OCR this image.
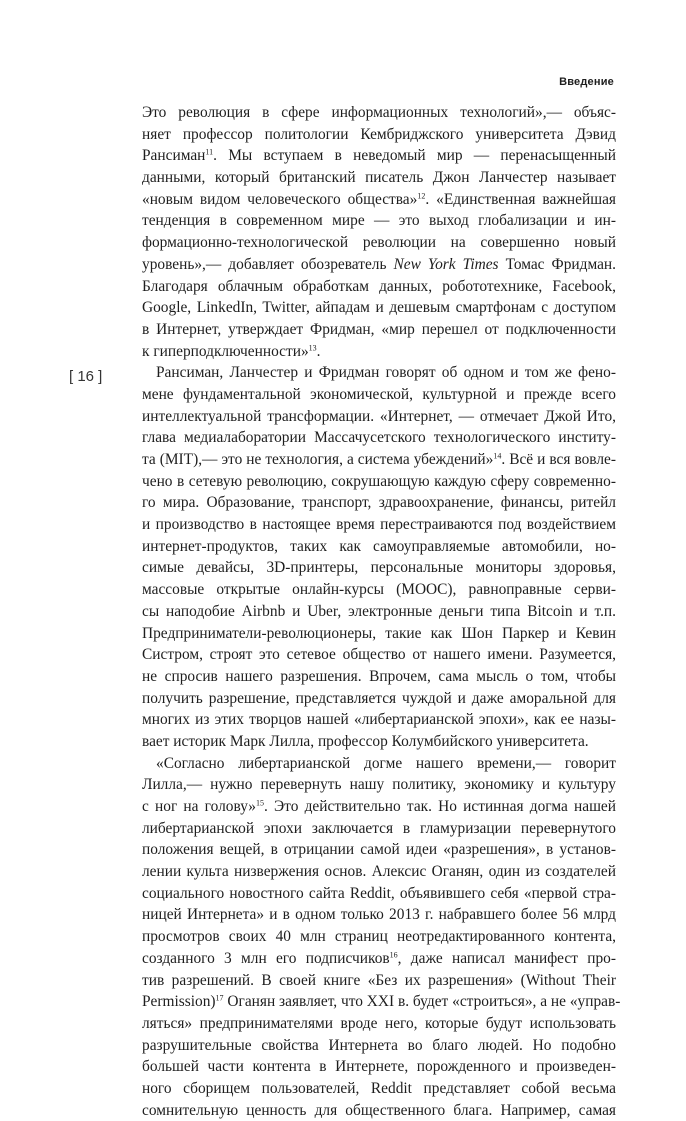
Введение
[ 16 ]
Это революция в сфере информационных технологий»,— объяс-
няет профессор политологии Кембриджского университета Дэвид
Рансиман$^{11}$. Мы вступаем в неведомый мир — перенасыщенный
данными, который британский писатель Джон Ланчестер называет
«новым видом человеческого общества»$^{12}$. «Единственная важнейшая
тенденция в современном мире — это выход глобализации и ин-
формационно-технологической революции на совершенно новый
уровень»,— добавляет обозреватель New York Times Томас Фридман.
Благодаря облачным обработкам данных, робототехнике, Facebook,
Google, LinkedIn, Twitter, айпадам и дешевым смартфонам с доступом
в Интернет, утверждает Фридман, «мир перешел от подключенности
к гиперподключенности»$^{13}$.
Рансиман, Ланчестер и Фридман говорят об одном и том же фено-
мене фундаментальной экономической, культурной и прежде всего
интеллектуальной трансформации. «Интернет, — отмечает Джой Ито,
глава медиалаборатории Массачусетского технологического институ-
та (MIT),— это не технология, а система убеждений»$^{14}$. Всё и вся вовле-
чено в сетевую революцию, сокрушающую каждую сферу современно-
го мира. Образование, транспорт, здравоохранение, финансы, ритейл
и производство в настоящее время перестраиваются под воздействием
интернет-продуктов, таких как самоуправляемые автомобили, но-
симые девайсы, 3D-принтеры, персональные мониторы здоровья,
массовые открытые онлайн-курсы (MOOC), равноправные серви-
сы наподобие Airbnb и Uber, электронные деньги типа Bitcoin и т.п.
Предприниматели-революционеры, такие как Шон Паркер и Кевин
Систром, строят это сетевое общество от нашего имени. Разумеется,
не спросив нашего разрешения. Впрочем, сама мысль о том, чтобы
получить разрешение, представляется чуждой и даже аморальной для
многих из этих творцов нашей «либертарианской эпохи», как ее назы-
вает историк Марк Лилла, профессор Колумбийского университета.
«Согласно либертарианской догме нашего времени,— говорит
Лилла,— нужно перевернуть нашу политику, экономику и культуру
с ног на голову»$^{15}$. Это действительно так. Но истинная догма нашей
либертарианской эпохи заключается в гламуризации перевернутого
положения вещей, в отрицании самой идеи «разрешения», в установ-
лении культа низвержения основ. Алексис Оганян, один из создателей
социального новостного сайта Reddit, объявившего себя «первой стра-
ницей Интернета» и в одном только 2013 г. набравшего более 56 млрд
просмотров своих 40 млн страниц неотредактированного контента,
созданного 3 млн его подписчиков$^{16}$, даже написал манифест про-
тив разрешений. В своей книге «Без их разрешения» (Without Their
Permission)$^{17}$ Оганян заявляет, что XXI в. будет «строиться», а не «управ-
ляться» предпринимателями вроде него, которые будут использовать
разрушительные свойства Интернета во благо людей. Но подобно
большей части контента в Интернете, порожденного и произведен-
ного сборищем пользователей, Reddit представляет собой весьма
сомнительную ценность для общественного блага. Например, самая
